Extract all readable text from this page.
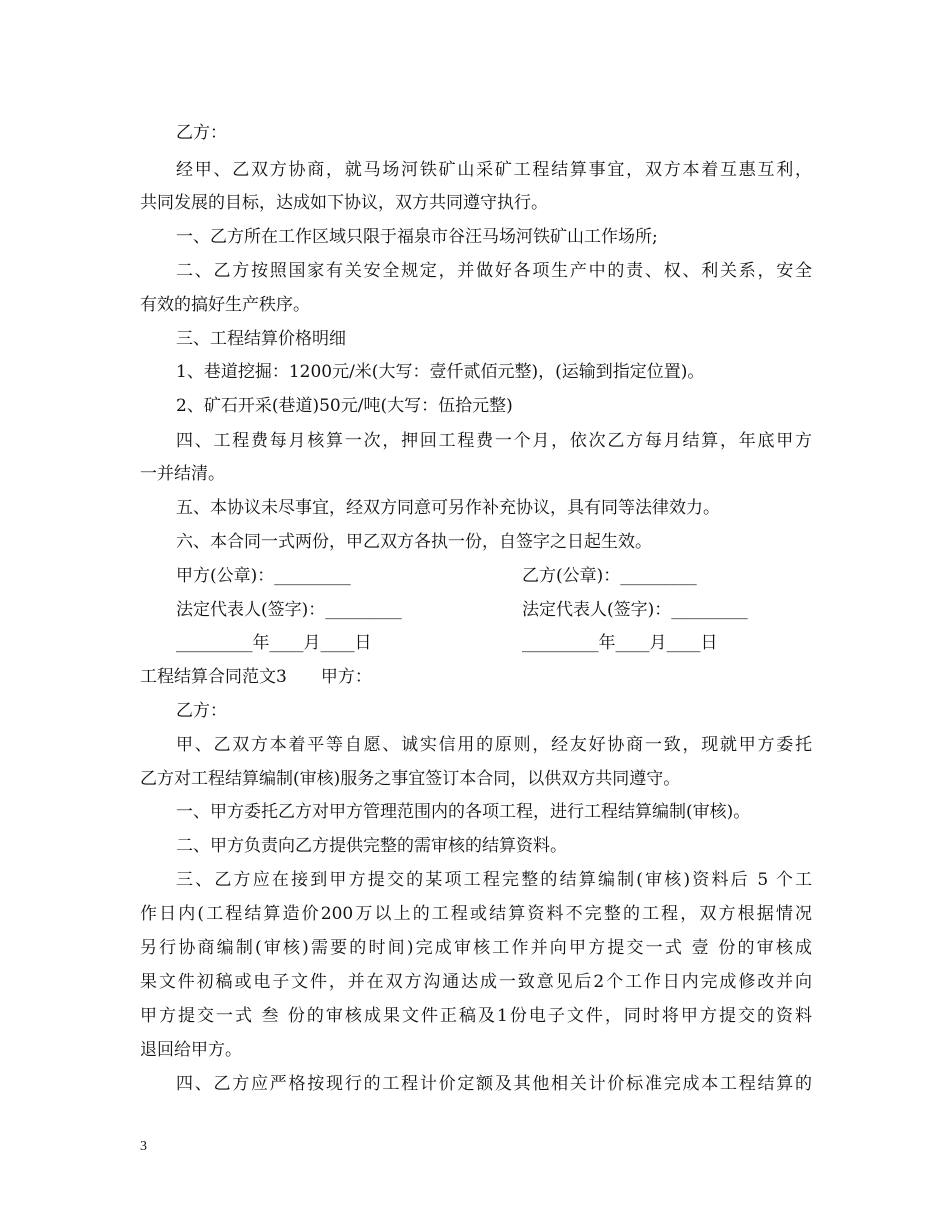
乙方：
经甲、乙双方协商，就马场河铁矿山采矿工程结算事宜，双方本着互惠互利，
共同发展的目标，达成如下协议，双方共同遵守执行。
一、乙方所在工作区域只限于福泉市谷汪马场河铁矿山工作场所;
二、乙方按照国家有关安全规定，并做好各项生产中的责、权、利关系，安全
有效的搞好生产秩序。
三、工程结算价格明细
1、巷道挖掘：1200元/米(大写：壹仟贰佰元整)，(运输到指定位置)。
2、矿石开采(巷道)50元/吨(大写：伍拾元整)
四、工程费每月核算一次，押回工程费一个月，依次乙方每月结算，年底甲方
一并结清。
五、本协议未尽事宜，经双方同意可另作补充协议，具有同等法律效力。
六、本合同一式两份，甲乙双方各执一份，自签字之日起生效。
甲方(公章)：_________	乙方(公章)：_________
法定代表人(签字)：_________	法定代表人(签字)：_________
_________年____月____日	_________年____月____日
工程结算合同范文3　　甲方：
乙方：
甲、乙双方本着平等自愿、诚实信用的原则，经友好协商一致，现就甲方委托
乙方对工程结算编制(审核)服务之事宜签订本合同，以供双方共同遵守。
一、甲方委托乙方对甲方管理范围内的各项工程，进行工程结算编制(审核)。
二、甲方负责向乙方提供完整的需审核的结算资料。
三、乙方应在接到甲方提交的某项工程完整的结算编制(审核)资料后 5 个工
作日内(工程结算造价200万以上的工程或结算资料不完整的工程，双方根据情况
另行协商编制(审核)需要的时间)完成审核工作并向甲方提交一式 壹 份的审核成
果文件初稿或电子文件，并在双方沟通达成一致意见后2个工作日内完成修改并向
甲方提交一式 叁 份的审核成果文件正稿及1份电子文件，同时将甲方提交的资料
退回给甲方。
四、乙方应严格按现行的工程计价定额及其他相关计价标准完成本工程结算的
3
